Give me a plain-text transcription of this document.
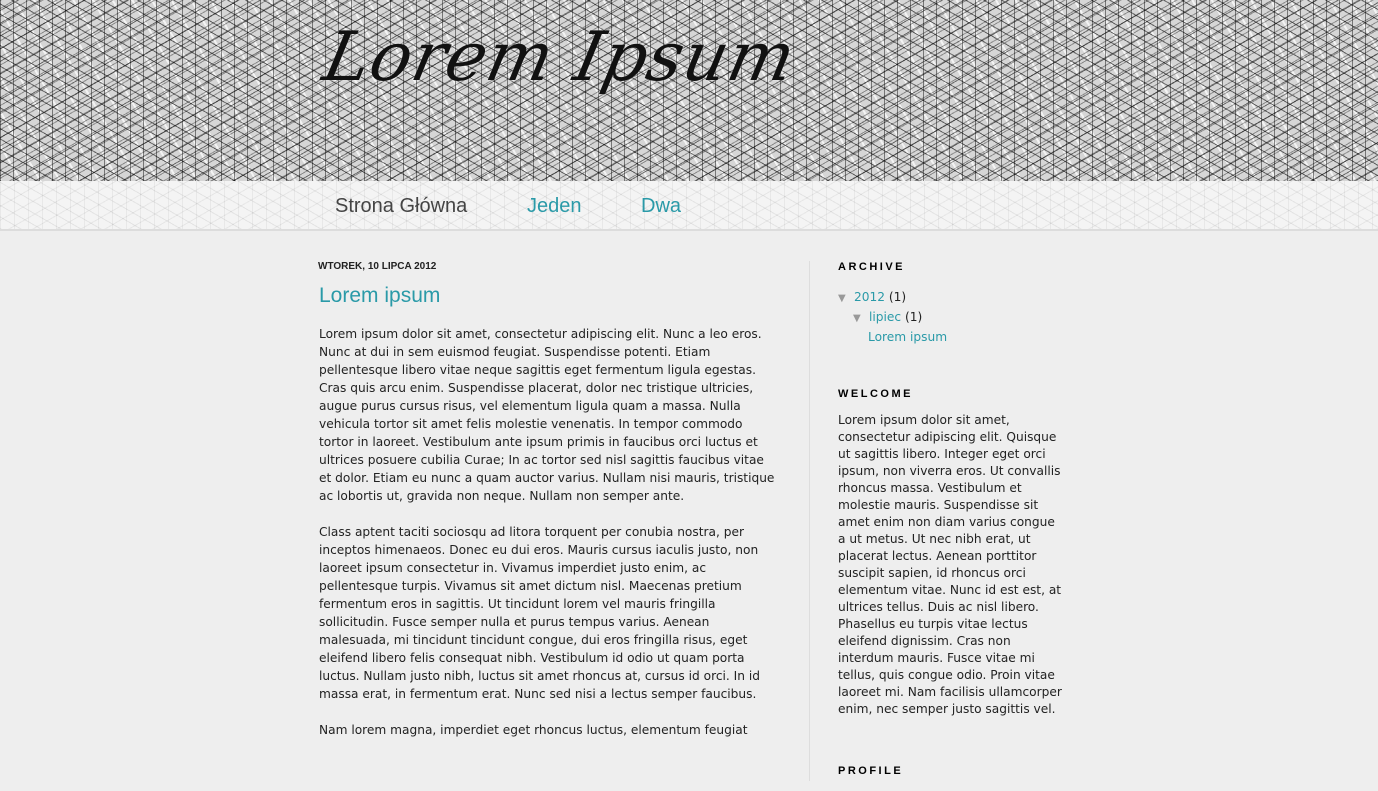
Lorem Ipsum
Strona Główna	Jeden	Dwa
WTOREK, 10 LIPCA 2012
Lorem ipsum

Lorem ipsum dolor sit amet, consectetur adipiscing elit. Nunc a leo eros. Nunc at dui in sem euismod feugiat. Suspendisse potenti. Etiam pellentesque libero vitae neque sagittis eget fermentum ligula egestas. Cras quis arcu enim. Suspendisse placerat, dolor nec tristique ultricies, augue purus cursus risus, vel elementum ligula quam a massa. Nulla vehicula tortor sit amet felis molestie venenatis. In tempor commodo tortor in laoreet. Vestibulum ante ipsum primis in faucibus orci luctus et ultrices posuere cubilia Curae; In ac tortor sed nisl sagittis faucibus vitae et dolor. Etiam eu nunc a quam auctor varius. Nullam nisi mauris, tristique ac lobortis ut, gravida non neque. Nullam non semper ante.

Class aptent taciti sociosqu ad litora torquent per conubia nostra, per inceptos himenaeos. Donec eu dui eros. Mauris cursus iaculis justo, non laoreet ipsum consectetur in. Vivamus imperdiet justo enim, ac pellentesque turpis. Vivamus sit amet dictum nisl. Maecenas pretium fermentum eros in sagittis. Ut tincidunt lorem vel mauris fringilla sollicitudin. Fusce semper nulla et purus tempus varius. Aenean malesuada, mi tincidunt tincidunt congue, dui eros fringilla risus, eget eleifend libero felis consequat nibh. Vestibulum id odio ut quam porta luctus. Nullam justo nibh, luctus sit amet rhoncus at, cursus id orci. In id massa erat, in fermentum erat. Nunc sed nisi a lectus semper faucibus.

Nam lorem magna, imperdiet eget rhoncus luctus, elementum feugiat

ARCHIVE
▼ 2012 (1)
▼ lipiec (1)
Lorem ipsum
WELCOME

Lorem ipsum dolor sit amet, consectetur adipiscing elit. Quisque ut sagittis libero. Integer eget orci ipsum, non viverra eros. Ut convallis rhoncus massa. Vestibulum et molestie mauris. Suspendisse sit amet enim non diam varius congue a ut metus. Ut nec nibh erat, ut placerat lectus. Aenean porttitor suscipit sapien, id rhoncus orci elementum vitae. Nunc id est est, at ultrices tellus. Duis ac nisl libero. Phasellus eu turpis vitae lectus eleifend dignissim. Cras non interdum mauris. Fusce vitae mi tellus, quis congue odio. Proin vitae laoreet mi. Nam facilisis ullamcorper enim, nec semper justo sagittis vel.

PROFILE
